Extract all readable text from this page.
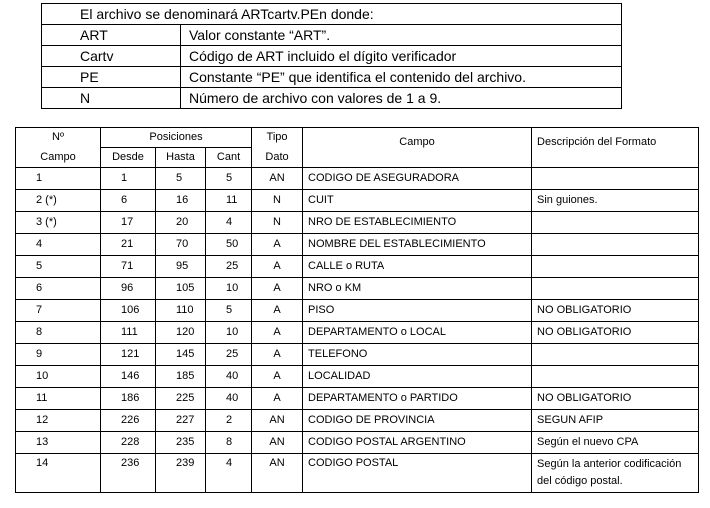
El archivo se denominará ARTcartv.PEn donde:	
ART	Valor constante “ART”.
Cartv	Código de ART incluido el dígito verificador
PE	Constante “PE” que identifica el contenido del archivo.
N	Número de archivo con valores de 1 a 9.
Nº	Posiciones			Tipo	Campo	Descripción del Formato
Campo	Desde	Hasta	Cant	Dato		
1	1	5	5	AN	CODIGO DE ASEGURADORA	
2 (*)	6	16	11	N	CUIT	Sin guiones.
3 (*)	17	20	4	N	NRO DE ESTABLECIMIENTO	
4	21	70	50	A	NOMBRE DEL ESTABLECIMIENTO	
5	71	95	25	A	CALLE o RUTA	
6	96	105	10	A	NRO o KM	
7	106	110	5	A	PISO	NO OBLIGATORIO
8	111	120	10	A	DEPARTAMENTO o LOCAL	NO OBLIGATORIO
9	121	145	25	A	TELEFONO	
10	146	185	40	A	LOCALIDAD	
11	186	225	40	A	DEPARTAMENTO o PARTIDO	NO OBLIGATORIO
12	226	227	2	AN	CODIGO DE PROVINCIA	SEGUN AFIP
13	228	235	8	AN	CODIGO POSTAL ARGENTINO	Según el nuevo CPA
14	236	239	4	AN	CODIGO POSTAL	Según la anterior codificación del código postal.
